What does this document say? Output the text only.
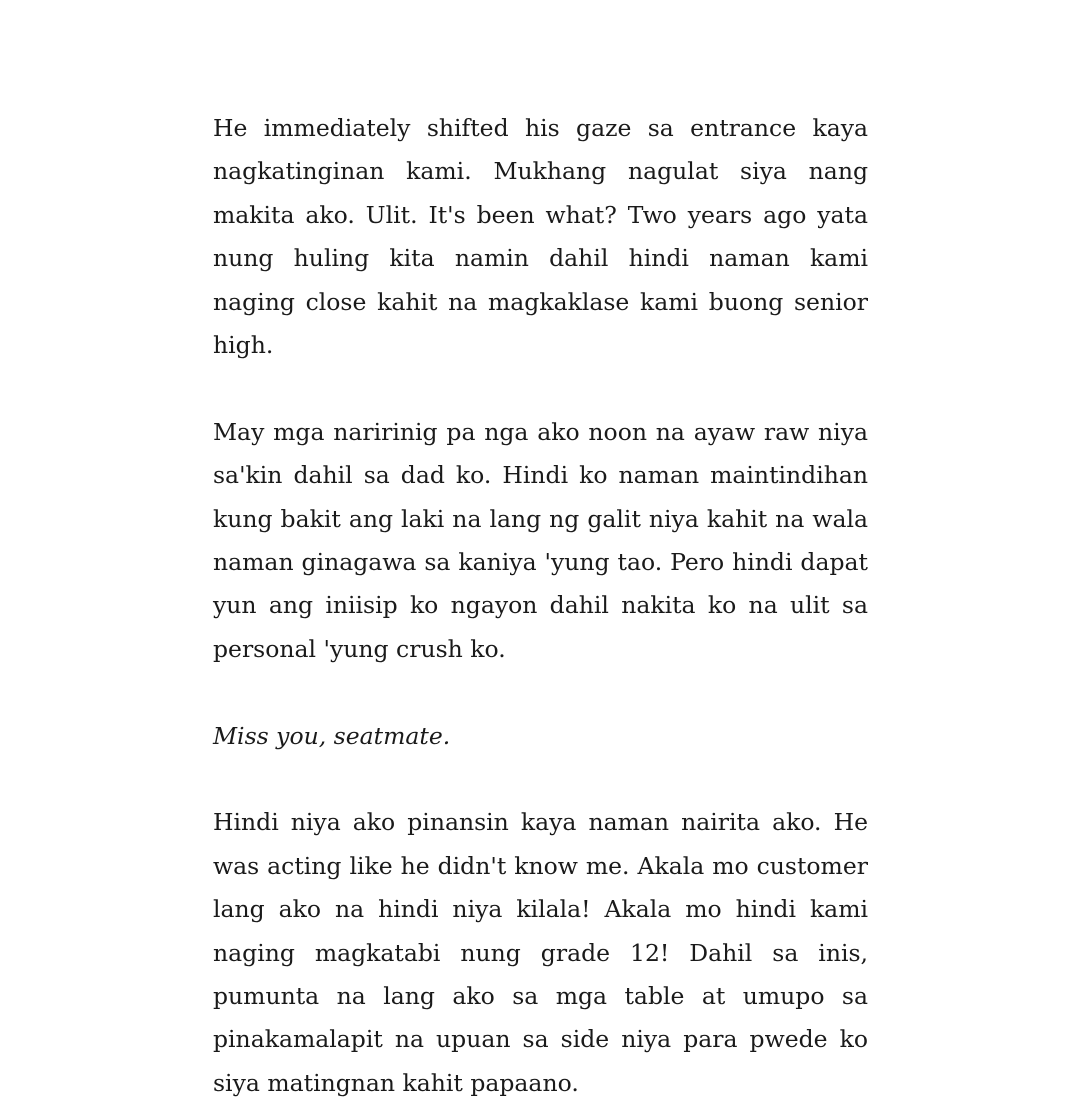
He immediately shifted his gaze sa entrance kaya nagkatinginan kami. Mukhang nagulat siya nang makita ako. Ulit. It's been what? Two years ago yata nung huling kita namin dahil hindi naman kami naging close kahit na magkaklase kami buong senior high.

May mga naririnig pa nga ako noon na ayaw raw niya sa'kin dahil sa dad ko. Hindi ko naman maintindihan kung bakit ang laki na lang ng galit niya kahit na wala naman ginagawa sa kaniya 'yung tao. Pero hindi dapat yun ang iniisip ko ngayon dahil nakita ko na ulit sa personal 'yung crush ko.

Miss you, seatmate.

Hindi niya ako pinansin kaya naman nairita ako. He was acting like he didn't know me. Akala mo customer lang ako na hindi niya kilala! Akala mo hindi kami naging magkatabi nung grade 12! Dahil sa inis, pumunta na lang ako sa mga table at umupo sa pinakamalapit na upuan sa side niya para pwede ko siya matingnan kahit papaano.
